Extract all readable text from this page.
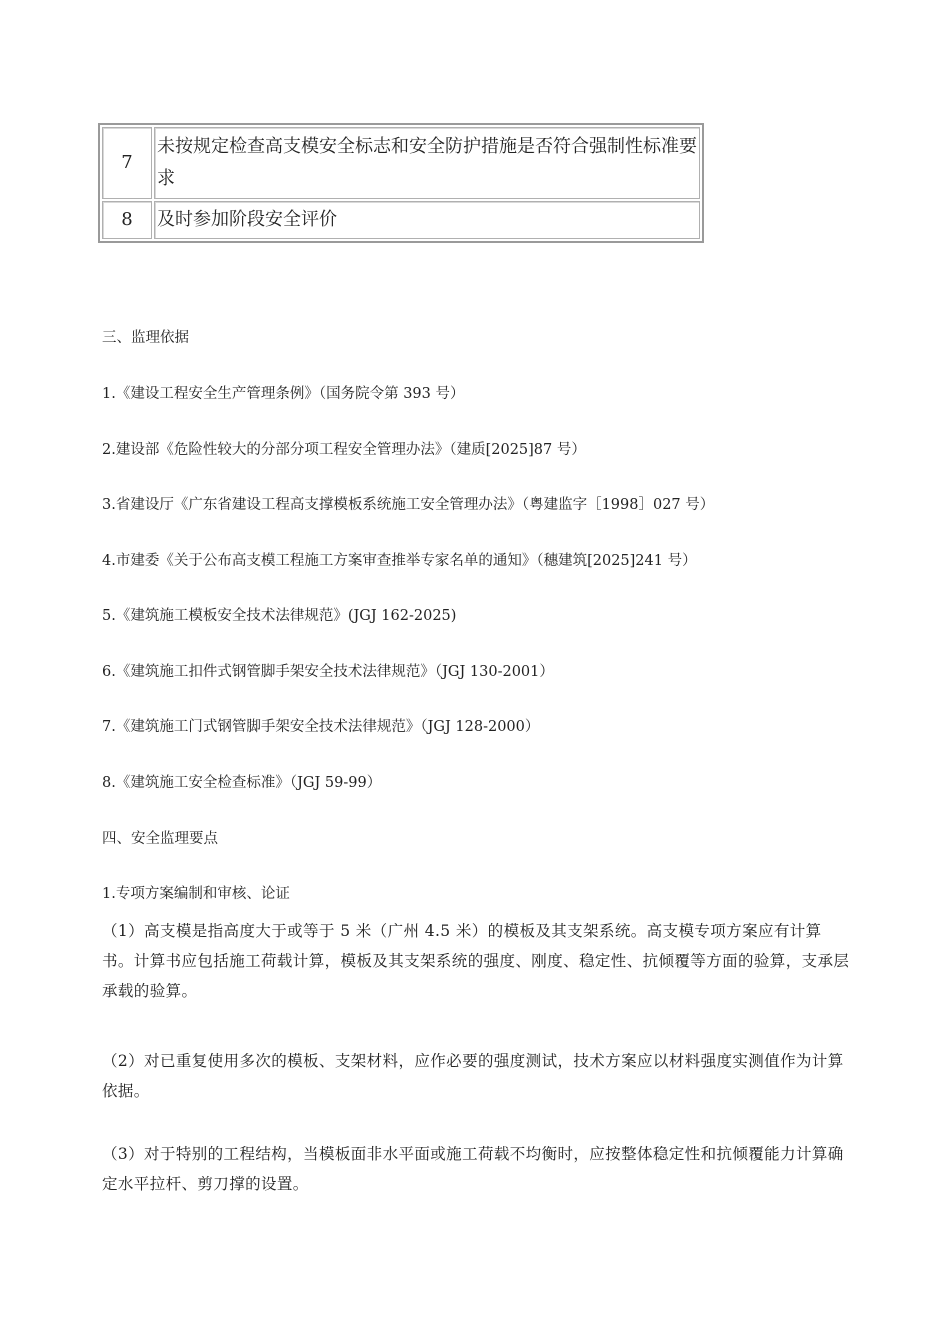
7	未按规定检查高支模安全标志和安全防护措施是否符合强制性标准要求
8	及时参加阶段安全评价
三、监理依据
1.《建设工程安全生产管理条例》（国务院令第 393 号）
2.建设部《危险性较大的分部分项工程安全管理办法》（建质[2025]87 号）
3.省建设厅《广东省建设工程高支撑模板系统施工安全管理办法》（粤建监字［1998］027 号）
4.市建委《关于公布高支模工程施工方案审查推举专家名单的通知》（穗建筑[2025]241 号）
5.《建筑施工模板安全技术法律规范》(JGJ 162-2025)
6.《建筑施工扣件式钢管脚手架安全技术法律规范》（JGJ 130-2001）
7.《建筑施工门式钢管脚手架安全技术法律规范》（JGJ 128-2000）
8.《建筑施工安全检查标准》（JGJ 59-99）
四、安全监理要点
1.专项方案编制和审核、论证
（1）高支模是指高度大于或等于 5 米（广州 4.5 米）的模板及其支架系统。高支模专项方案应有计算书。计算书应包括施工荷载计算，模板及其支架系统的强度、刚度、稳定性、抗倾覆等方面的验算，支承层承载的验算。
（2）对已重复使用多次的模板、支架材料，应作必要的强度测试，技术方案应以材料强度实测值作为计算依据。
（3）对于特别的工程结构，当模板面非水平面或施工荷载不均衡时，应按整体稳定性和抗倾覆能力计算确定水平拉杆、剪刀撑的设置。
